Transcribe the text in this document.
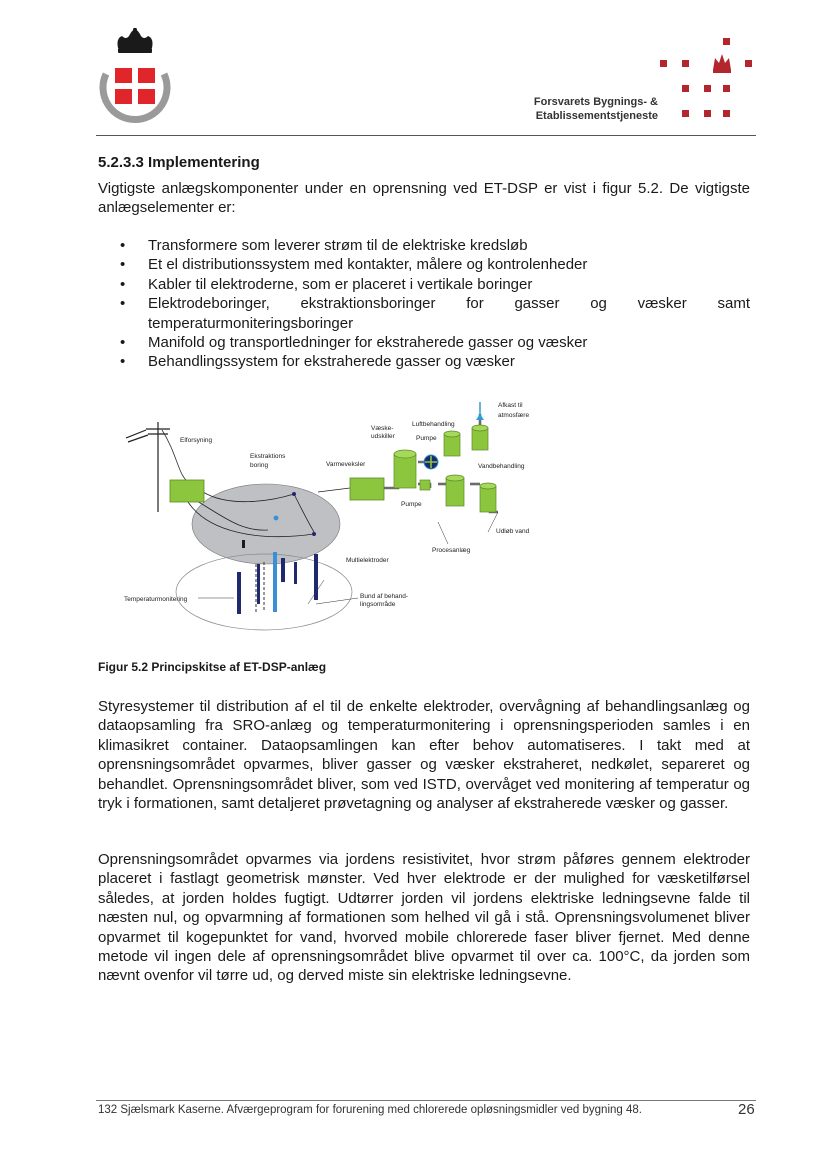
Forsvarets Bygnings- &
Etablissementstjeneste
5.2.3.3 Implementering
Vigtigste anlægskomponenter under en oprensning ved ET-DSP er vist i figur 5.2. De vigtigste anlægselementer er:
• Transformere som leverer strøm til de elektriske kredsløb
• Et el distributionssystem med kontakter, målere og kontrolenheder
• Kabler til elektroderne, som er placeret i vertikale boringer
• Elektrodeboringer, ekstraktionsboringer for gasser og væsker samt temperaturmoniteringsboringer
• Manifold og transportledninger for ekstraherede gasser og væsker
• Behandlingssystem for ekstraherede gasser og væsker
Elforsyning
Ekstraktions boring	Varmeveksler
Væske-udskiller
Luftbehandling
Pumpe
Afkast til atmosfære
Vandbehandling
Pumpe
Udløb vand
Procesanlæg
Multielektroder
Temperaturmonitering	Bund af behand-lingsområde
Figur 5.2 Principskitse af ET-DSP-anlæg
Styresystemer til distribution af el til de enkelte elektroder, overvågning af behandlingsanlæg og dataopsamling fra SRO-anlæg og temperaturmonitering i oprensningsperioden samles i en klimasikret container. Dataopsamlingen kan efter behov automatiseres. I takt med at oprensningsområdet opvarmes, bliver gasser og væsker ekstraheret, nedkølet, separeret og behandlet. Oprensningsområdet bliver, som ved ISTD, overvåget ved monitering af temperatur og tryk i formationen, samt detaljeret prøvetagning og analyser af ekstraherede væsker og gasser.
Oprensningsområdet opvarmes via jordens resistivitet, hvor strøm påføres gennem elektroder placeret i fastlagt geometrisk mønster. Ved hver elektrode er der mulighed for væsketilførsel således, at jorden holdes fugtigt. Udtørrer jorden vil jordens elektriske ledningsevne falde til næsten nul, og opvarmning af formationen som helhed vil gå i stå. Oprensningsvolumenet bliver opvarmet til kogepunktet for vand, hvorved mobile chlorerede faser bliver fjernet. Med denne metode vil ingen dele af oprensningsområdet blive opvarmet til over ca. 100°C, da jorden som nævnt ovenfor vil tørre ud, og derved miste sin elektriske ledningsevne.
132 Sjælsmark Kaserne. Afværgeprogram for forurening med chlorerede opløsningsmidler ved bygning 48.	26
